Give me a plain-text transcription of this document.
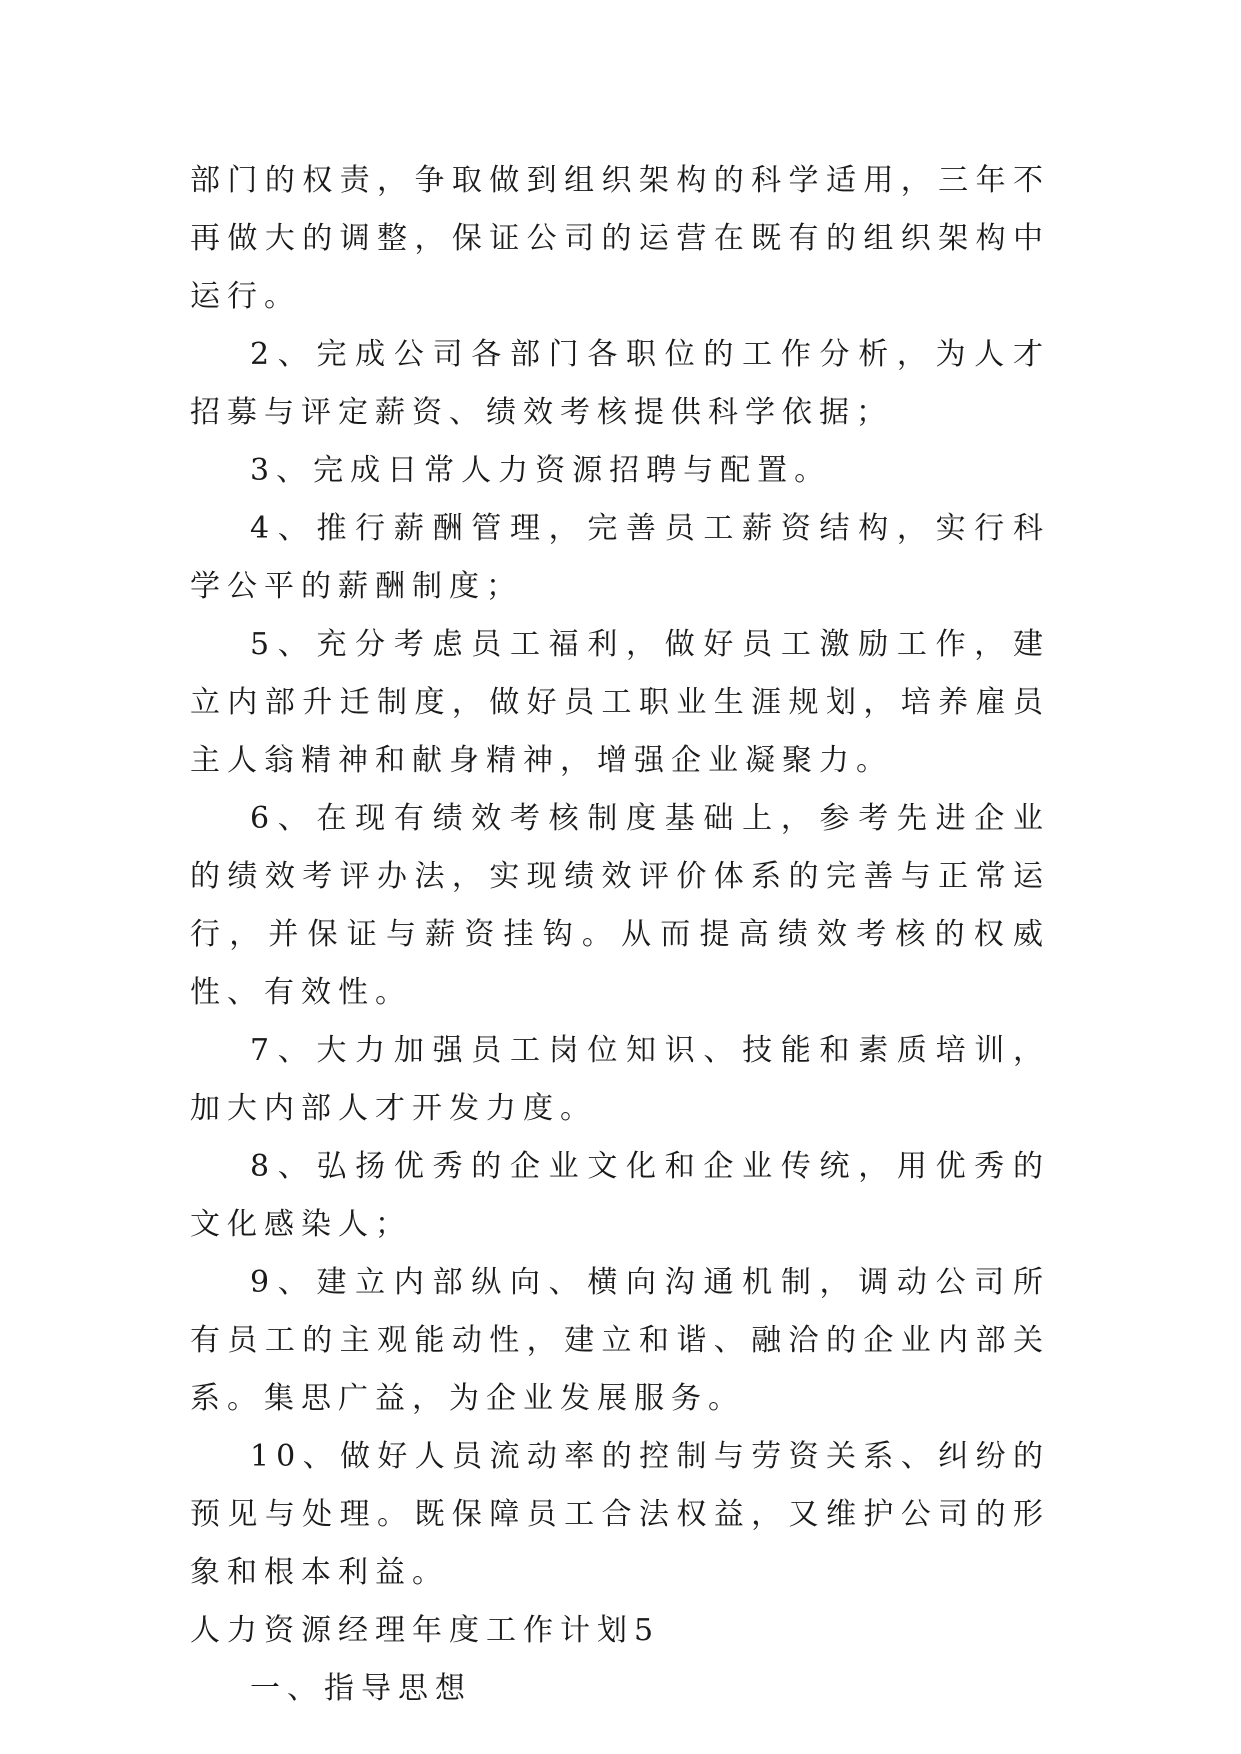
部门的权责，争取做到组织架构的科学适用，三年不再做大的调整，保证公司的运营在既有的组织架构中运行。

2、完成公司各部门各职位的工作分析，为人才招募与评定薪资、绩效考核提供科学依据；

3、完成日常人力资源招聘与配置。

4、推行薪酬管理，完善员工薪资结构，实行科学公平的薪酬制度；

5、充分考虑员工福利，做好员工激励工作，建立内部升迁制度，做好员工职业生涯规划，培养雇员主人翁精神和献身精神，增强企业凝聚力。

6、在现有绩效考核制度基础上，参考先进企业的绩效考评办法，实现绩效评价体系的完善与正常运行，并保证与薪资挂钩。从而提高绩效考核的权威性、有效性。

7、大力加强员工岗位知识、技能和素质培训，加大内部人才开发力度。

8、弘扬优秀的企业文化和企业传统，用优秀的文化感染人；

9、建立内部纵向、横向沟通机制，调动公司所有员工的主观能动性，建立和谐、融洽的企业内部关系。集思广益，为企业发展服务。

10、做好人员流动率的控制与劳资关系、纠纷的预见与处理。既保障员工合法权益，又维护公司的形象和根本利益。

人力资源经理年度工作计划5

一、指导思想
